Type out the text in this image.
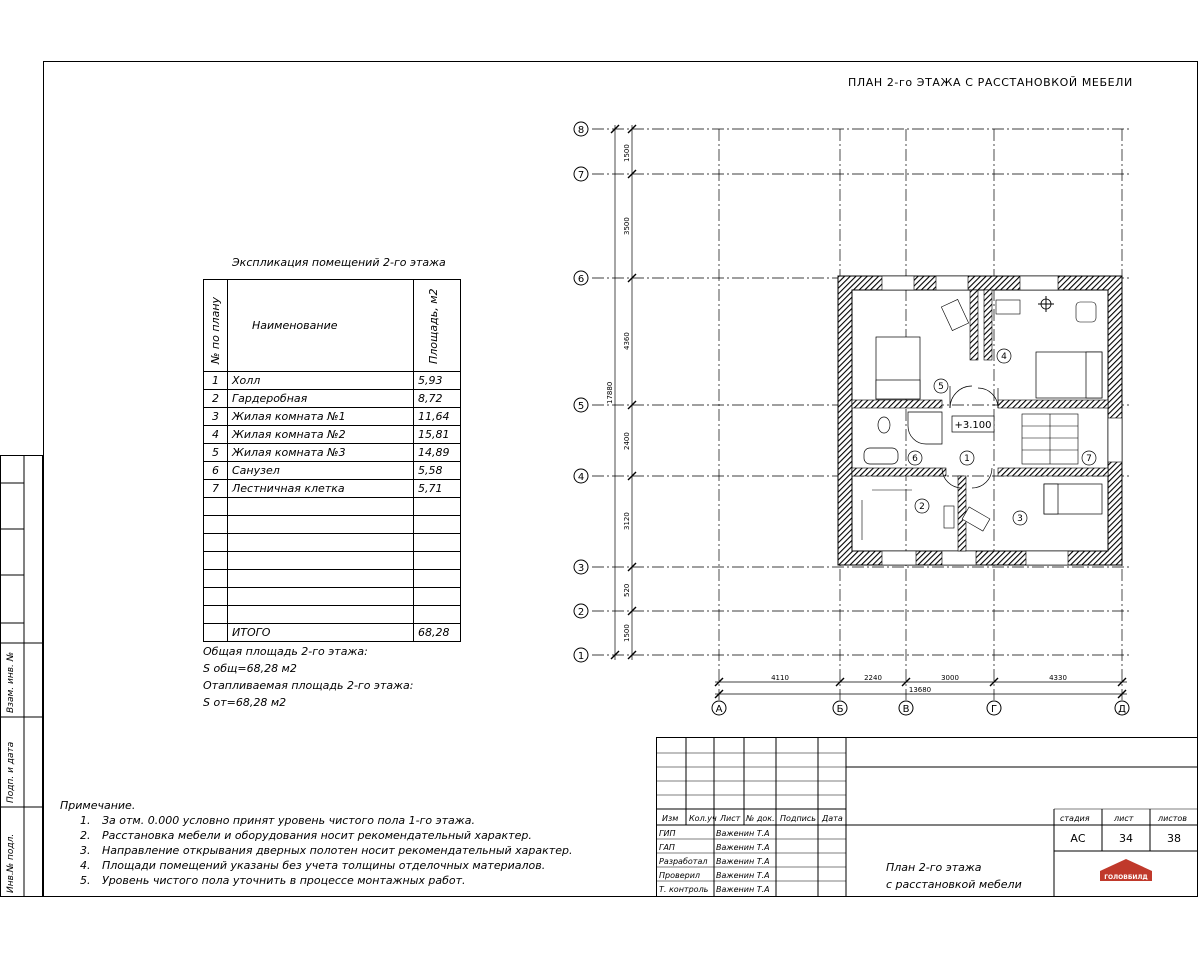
Взам. инв. №
Подп. и дата
Инв.№ подл.
ПЛАН 2-го ЭТАЖА С РАССТАНОВКОЙ МЕБЕЛИ
Экспликация помещений 2-го этажа
№ по плану	Наименование	Площадь, м2

1	Холл	5,93
2	Гардеробная	8,72
3	Жилая комната №1	11,64
4	Жилая комната №2	15,81
5	Жилая комната №3	14,89
6	Санузел	5,58
7	Лестничная клетка	5,71

	ИТОГО	68,28
Общая площадь 2-го этажа:
S общ=68,28 м2
Отапливаемая площадь 2-го этажа:
S от=68,28 м2
Примечание.
1. За отм. 0.000 условно принят уровень чистого пола 1-го этажа.
2. Расстановка мебели и оборудования носит рекомендательный характер.
3. Направление открывания дверных полотен носит рекомендательный характер.
4. Площади помещений указаны без учета толщины отделочных материалов.
5. Уровень чистого пола уточнить в процессе монтажных работ.
8
7
6
5
4
3
2
1
А	Б	В	Г	Д
1500
3500
4360
2400
3120
520
1500
17880
4110	2240	3000	4330
13680
1
2
3
4
5
6	7
+3.100
Изм Кол.уч Лист № док. Подпись Дата
ГИП	Важенин Т.А
ГАП	Важенин Т.А
Разработал Важенин Т.А
Проверил Важенин Т.А
Т. контроль Важенин Т.А
стадия	лист	листов
АС	34	38
План 2-го этажа
с расстановкой мебели
ГОЛОВБИЛД
